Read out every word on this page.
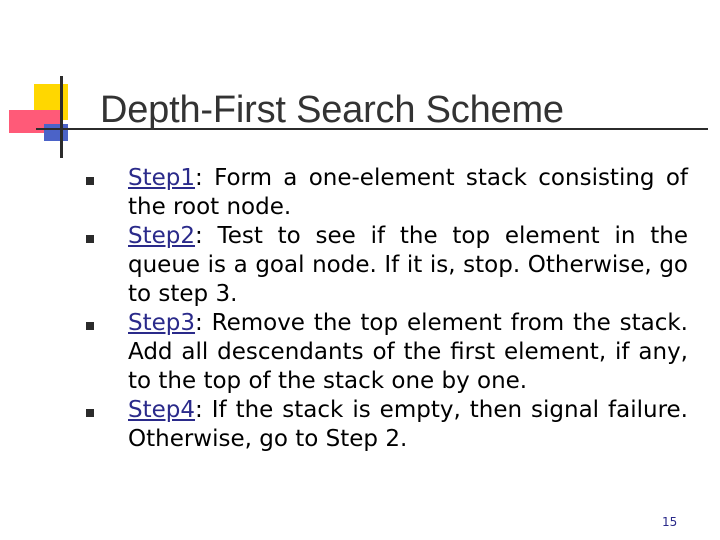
Depth-First Search Scheme
Step1: Form a one-element stack consisting of the root node.
Step2: Test to see if the top element in the queue is a goal node. If it is, stop. Otherwise, go to step 3.
Step3: Remove the top element from the stack. Add all descendants of the first element, if any, to the top of the stack one by one.
Step4: If the stack is empty, then signal failure. Otherwise, go to Step 2.
15
